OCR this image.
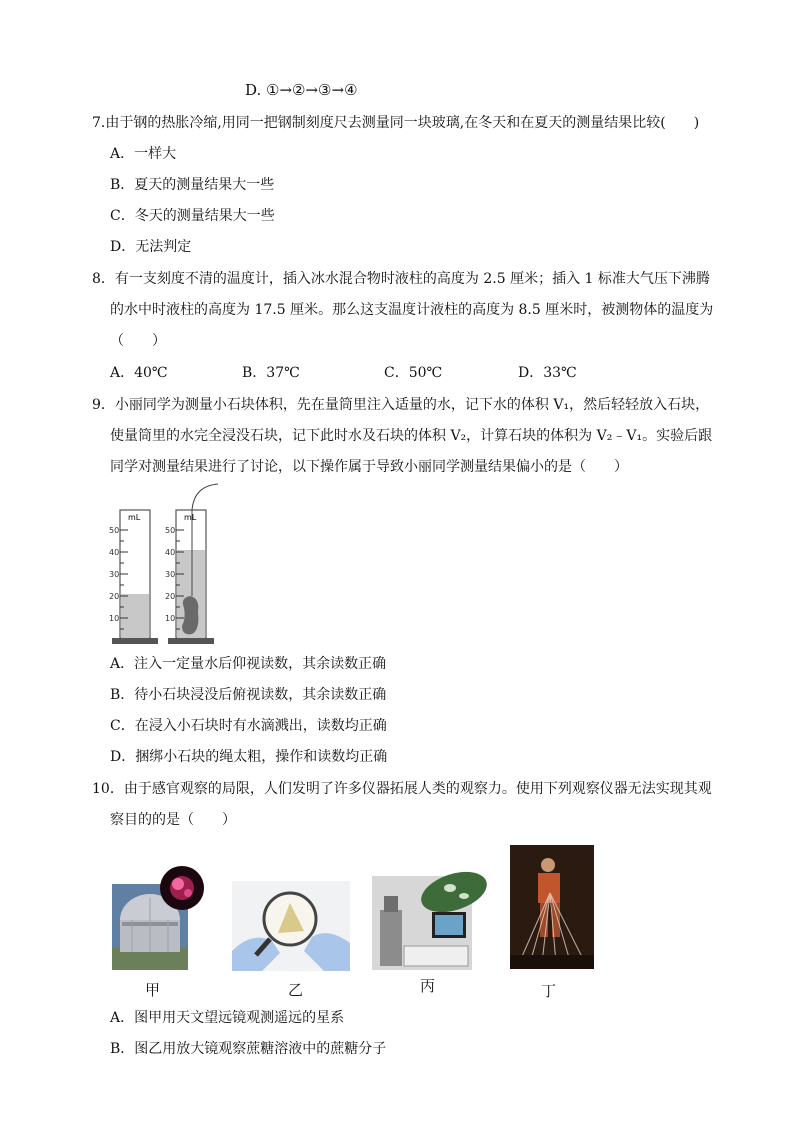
D. ①→②→③→④
7.由于钢的热胀冷缩,用同一把钢制刻度尺去测量同一块玻璃,在冬天和在夏天的测量结果比较(　　)
A．一样大
B．夏天的测量结果大一些
C．冬天的测量结果大一些
D．无法判定
8．有一支刻度不清的温度计，插入冰水混合物时液柱的高度为 2.5 厘米；插入 1 标准大气压下沸腾
的水中时液柱的高度为 17.5 厘米。那么这支温度计液柱的高度为 8.5 厘米时，被测物体的温度为
（　　）
A．40℃	B．37℃	C．50℃	D．33℃
9．小丽同学为测量小石块体积，先在量筒里注入适量的水，记下水的体积 V₁，然后轻轻放入石块，
使量筒里的水完全浸没石块，记下此时水及石块的体积 V₂，计算石块的体积为 V₂﹣V₁。实验后跟
同学对测量结果进行了讨论，以下操作属于导致小丽同学测量结果偏小的是（　　）
mL
50
40
30
20
10
mL
50
40
30
20
10
A．注入一定量水后仰视读数，其余读数正确
B．待小石块浸没后俯视读数，其余读数正确
C．在浸入小石块时有水滴溅出，读数均正确
D．捆绑小石块的绳太粗，操作和读数均正确
10．由于感官观察的局限，人们发明了许多仪器拓展人类的观察力。使用下列观察仪器无法实现其观
察目的的是（　　）
甲	乙	丙	丁
A．图甲用天文望远镜观测遥远的星系
B．图乙用放大镜观察蔗糖溶液中的蔗糖分子
